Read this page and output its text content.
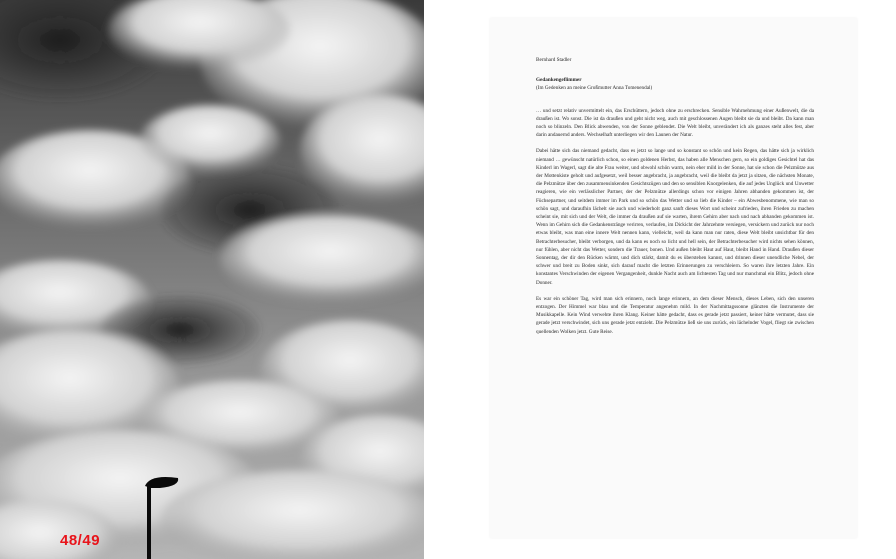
48/49

Bernhard Stadler

Gedankengeflimmer

(Im Gedenken an meine Großmutter Anna Tomenendal)

… und setzt relativ unvermittelt ein, das Erschüttern, jedoch ohne zu erschrecken. Sensible Wahrnehmung einer Außenwelt, die da draußen ist. Wo sonst. Die ist da draußen und geht nicht weg, auch mit geschlossenen Augen bleibt sie da und bleibt. Da kann man noch so blinzeln. Den Blick abwenden, von der Sonne geblendet. Die Welt bleibt, unverändert ich als ganzes steht alles fest, aber darin andauernd anders. Wechselhaft unterliegen wir den Launen der Natur.

Dabei hätte sich das niemand gedacht, dass es jetzt so lange und so konstant so schön und kein Regen, das hätte sich ja wirklich niemand … gewünscht natürlich schon, so einen goldenen Herbst, das haben alle Menschen gern, so ein goldiges Gesichtel hat das Kinderl im Wagerl, sagt die alte Frau weiter, und obwohl schön warm, nein eher mild in der Sonne, hat sie schon die Pelzmütze aus der Mottenkiste geholt und aufgesetzt, weil besser angebracht, ja angebracht, weil die bleibt da jetzt ja sitzen, die nächsten Monate, die Pelzmütze über den zusammensinkenden Gesichtszügen und den so sensiblen Knorgelenken, die auf jedes Unglück und Unwetter reagieren, wie ein verlässlicher Partner, der der Pelzmütze allerdings schon vor einigen Jahren abhanden gekommen ist, der Füchsepartner, und seitdem immer im Park und so schön das Wetter und so lieb die Kinder – ein Abwesbenommene, wie man so schön sagt, und daraufhin lächelt sie auch und wiederholt ganz sanft dieses Wort und scheint zufrieden, ihren Frieden zu machen scheint sie, mit sich und der Welt, die immer da draußen auf sie warten, ihrem Gehirn aber nach und nach abhanden gekommen ist. Wenn im Gehirn sich die Gedankenstränge verirren, verlaufen, im Dickicht der Jahrzehnte versiegen, versickern und zurück nur noch etwas bleibt, was man eine innere Welt nennen kann, vielleicht, weil da kann man nur raten, diese Welt bleibt unsichtbar für den Betrachterbesucher, bleibt verborgen, und da kann es noch so licht und hell sein, der Betrachterbesucher wird nichts sehen können, nur fühlen, aber nicht das Wetter, sondern die Trauer, bonen. Und außen bleibt Haut auf Haut, bleibt Hand in Hand. Draußen dieser Sonnentag, der dir den Rücken wärmt, und dich stärkt, damit du es überstehen kannst, und drinnen dieser unendliche Nebel, der schwer und breit zu Boden sinkt, sich darauf macht die letzten Erinnerungen zu verschleiern. So waren ihre letzten Jahre. Ein konstantes Verschwinden der eigenen Vergangenheit, dunkle Nacht auch am lichtesten Tag und nur manchmal ein Blitz, jedoch ohne Donner.

Es war ein schöner Tag, wird man sich erinnern, noch lange erinnern, an dem dieser Mensch, dieses Leben, sich den unseren entzogen. Der Himmel war blau und die Temperatur angenehm mild. In der Nachmittagssonne glänzten die Instrumente der Musikkapelle. Kein Wind verwehte ihren Klang. Keiner hätte gedacht, dass es gerade jetzt passiert, keiner hätte vermutet, dass sie gerade jetzt verschwindet, sich uns gerade jetzt entzieht. Die Pelzmütze ließ sie uns zurück, ein lächelnder Vogel, fliegt sie zwischen quellenden Wolken jetzt. Gute Reise.
